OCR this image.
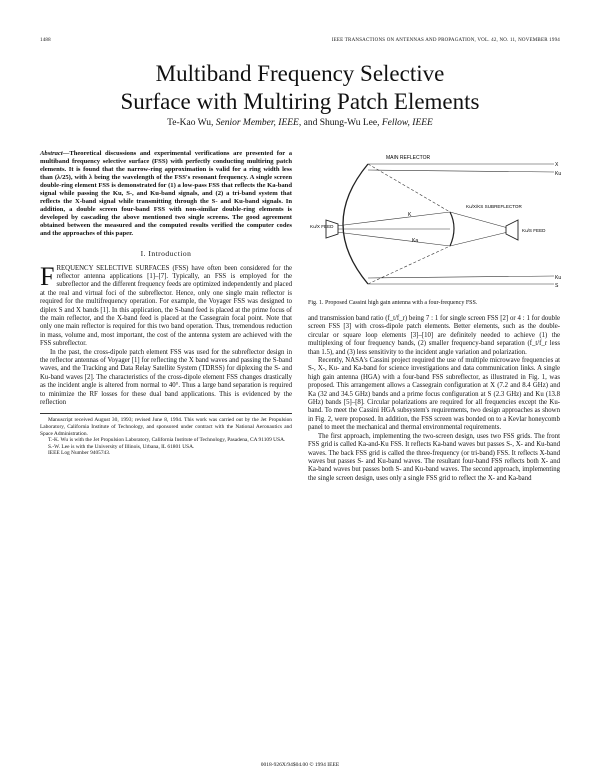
1488	IEEE TRANSACTIONS ON ANTENNAS AND PROPAGATION, VOL. 42, NO. 11, NOVEMBER 1994
Multiband Frequency Selective
Surface with Multiring Patch Elements
Te-Kao Wu, Senior Member, IEEE, and Shung-Wu Lee, Fellow, IEEE

Abstract—Theoretical discussions and experimental verifications are presented for a multiband frequency selective surface (FSS) with perfectly conducting multiring patch elements. It is found that the narrow-ring approximation is valid for a ring width less than (λ/25), with λ being the wavelength of the FSS's resonant frequency. A single screen double-ring element FSS is demonstrated for (1) a low-pass FSS that reflects the Ka-band signal while passing the Ku, S-, and Ku-band signals, and (2) a tri-band system that reflects the X-band signal while transmitting through the S- and Ku-band signals. In addition, a double screen four-band FSS with non-similar double-ring elements is developed by cascading the above mentioned two single screens. The good agreement obtained between the measured and the computed results verified the computer codes and the approaches of this paper.

I. Introduction

FREQUENCY SELECTIVE SURFACES (FSS) have often been considered for the reflector antenna applications [1]–[7]. Typically, an FSS is employed for the subreflector and the different frequency feeds are optimized independently and placed at the real and virtual foci of the subreflector. Hence, only one single main reflector is required for the multifrequency operation. For example, the Voyager FSS was designed to diplex S and X bands [1]. In this application, the S-band feed is placed at the prime focus of the main reflector, and the X-band feed is placed at the Cassegrain focal point. Note that only one main reflector is required for this two band operation. Thus, tremendous reduction in mass, volume and, most important, the cost of the antenna system are achieved with the FSS subreflector.

In the past, the cross-dipole patch element FSS was used for the subreflector design in the reflector antennas of Voyager [1] for reflecting the X band waves and passing the S-band waves, and the Tracking and Data Relay Satellite System (TDRSS) for diplexing the S- and Ku-band waves [2]. The characteristics of the cross-dipole element FSS changes drastically as the incident angle is altered from normal to 40°. Thus a large band separation is required to minimize the RF losses for these dual band applications. This is evidenced by the reflection

Manuscript received August 30, 1993; revised June 8, 1994. This work was carried out by the Jet Propulsion Laboratory, California Institute of Technology, and sponsored under contract with the National Aeronautics and Space Administration.

T.-K. Wu is with the Jet Propulsion Laboratory, California Institute of Technology, Pasadena, CA 91109 USA.

S.-W. Lee is with the University of Illinois, Urbana, IL 61801 USA.

IEEE Log Number 9405743.

MAIN REFLECTOR
Ku/X/KS SUBREFLECTOR
Ku/X FEED
Ku/S FEED
X
Ku
Ku
S
K
Ka
Fig. 1. Proposed Cassini high gain antenna with a four-frequency FSS.

and transmission band ratio (f_t/f_r) being 7 : 1 for single screen FSS [2] or 4 : 1 for double screen FSS [3] with cross-dipole patch elements. Better elements, such as the double-circular or square loop elements [3]–[10] are definitely needed to achieve (1) the multiplexing of four frequency bands, (2) smaller frequency-band separation (f_t/f_r less than 1.5), and (3) less sensitivity to the incident angle variation and polarization.

Recently, NASA's Cassini project required the use of multiple microwave frequencies at S-, X-, Ku- and Ka-band for science investigations and data communication links. A single high gain antenna (HGA) with a four-band FSS subreflector, as illustrated in Fig. 1, was proposed. This arrangement allows a Cassegrain configuration at X (7.2 and 8.4 GHz) and Ka (32 and 34.5 GHz) bands and a prime focus configuration at S (2.3 GHz) and Ku (13.8 GHz) bands [5]–[8]. Circular polarizations are required for all frequencies except the Ku-band. To meet the Cassini HGA subsystem's requirements, two design approaches as shown in Fig. 2, were proposed. In addition, the FSS screen was bonded on to a Kevlar honeycomb panel to meet the mechanical and thermal environmental requirements.

The first approach, implementing the two-screen design, uses two FSS grids. The front FSS grid is called Ka-and-Ku FSS. It reflects Ka-band waves but passes S-, X- and Ku-band waves. The back FSS grid is called the three-frequency (or tri-band) FSS. It reflects X-band waves but passes S- and Ku-band waves. The resultant four-band FSS reflects both X- and Ka-band waves but passes both S- and Ku-band waves. The second approach, implementing the single screen design, uses only a single FSS grid to reflect the X- and Ka-band

0018-926X/94$04.00 © 1994 IEEE
